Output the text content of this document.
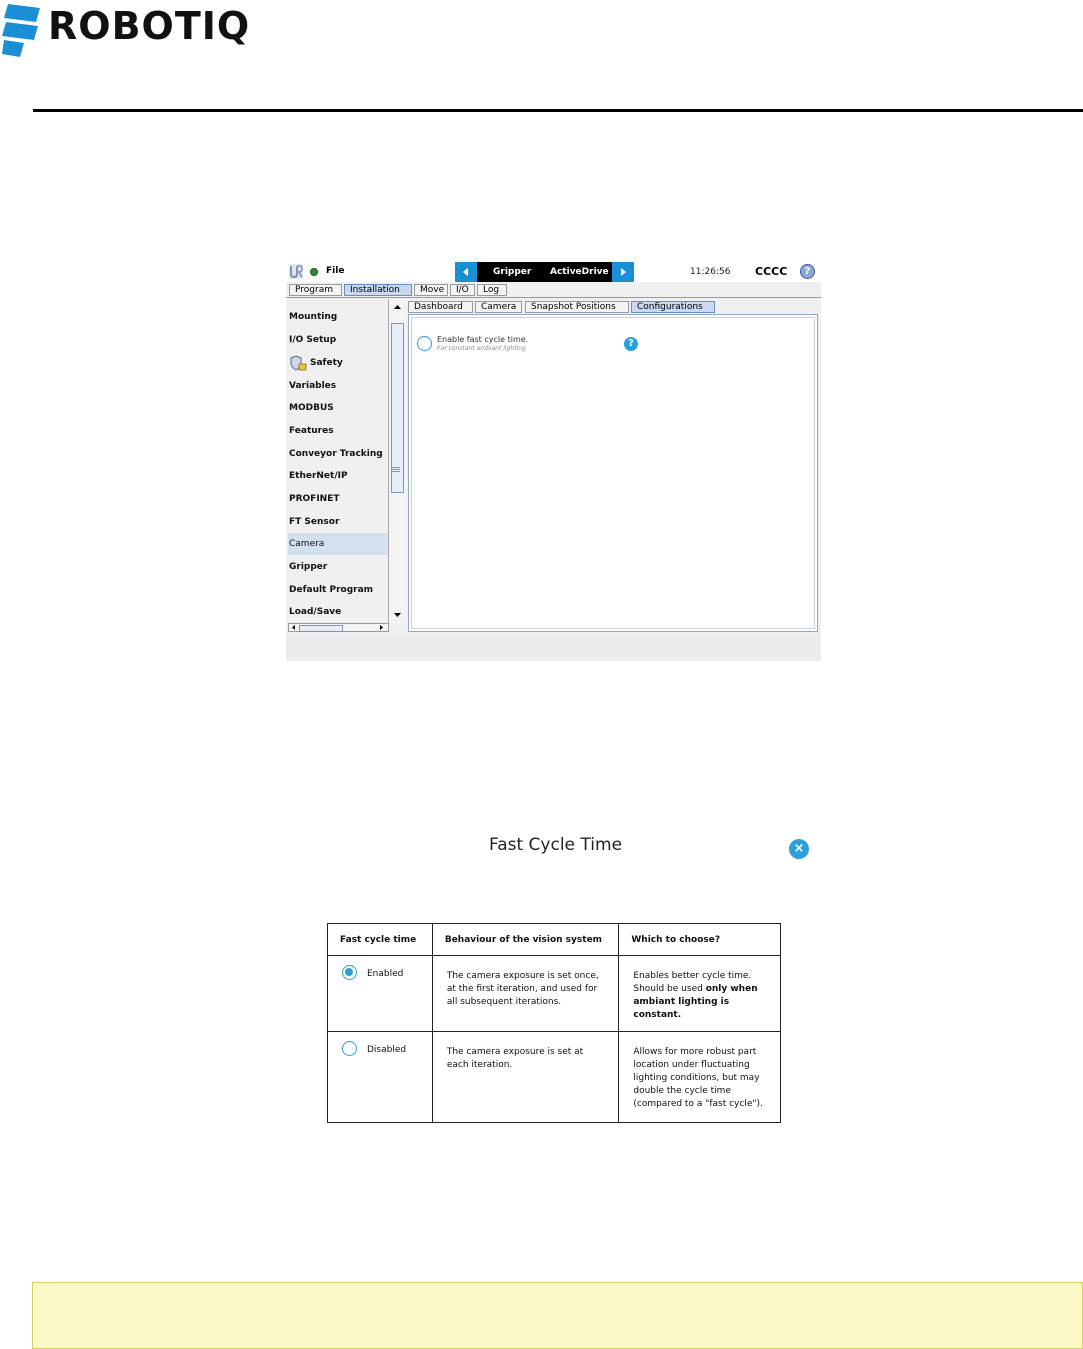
ROBOTIQ
File	Gripper ActiveDrive	11:26:56 CCCC	?
Program	Installation	Move	I/O	Log
Mounting
I/O Setup
Safety
Variables
MODBUS
Features
Conveyor Tracking
EtherNet/IP
PROFINET
FT Sensor
Camera
Gripper
Default Program
Load/Save
Dashboard	Camera	Snapshot Positions	Configurations
Enable fast cycle time.
For constant ambiant lighting	?
Fast Cycle Time	×
Fast cycle time	Behaviour of the vision system	Which to choose?
Enabled	The camera exposure is set once, at the first iteration, and used for all subsequent iterations.	Enables better cycle time. Should be used only when ambiant lighting is constant.
Disabled	The camera exposure is set at each iteration.	Allows for more robust part location under fluctuating lighting conditions, but may double the cycle time (compared to a "fast cycle").
